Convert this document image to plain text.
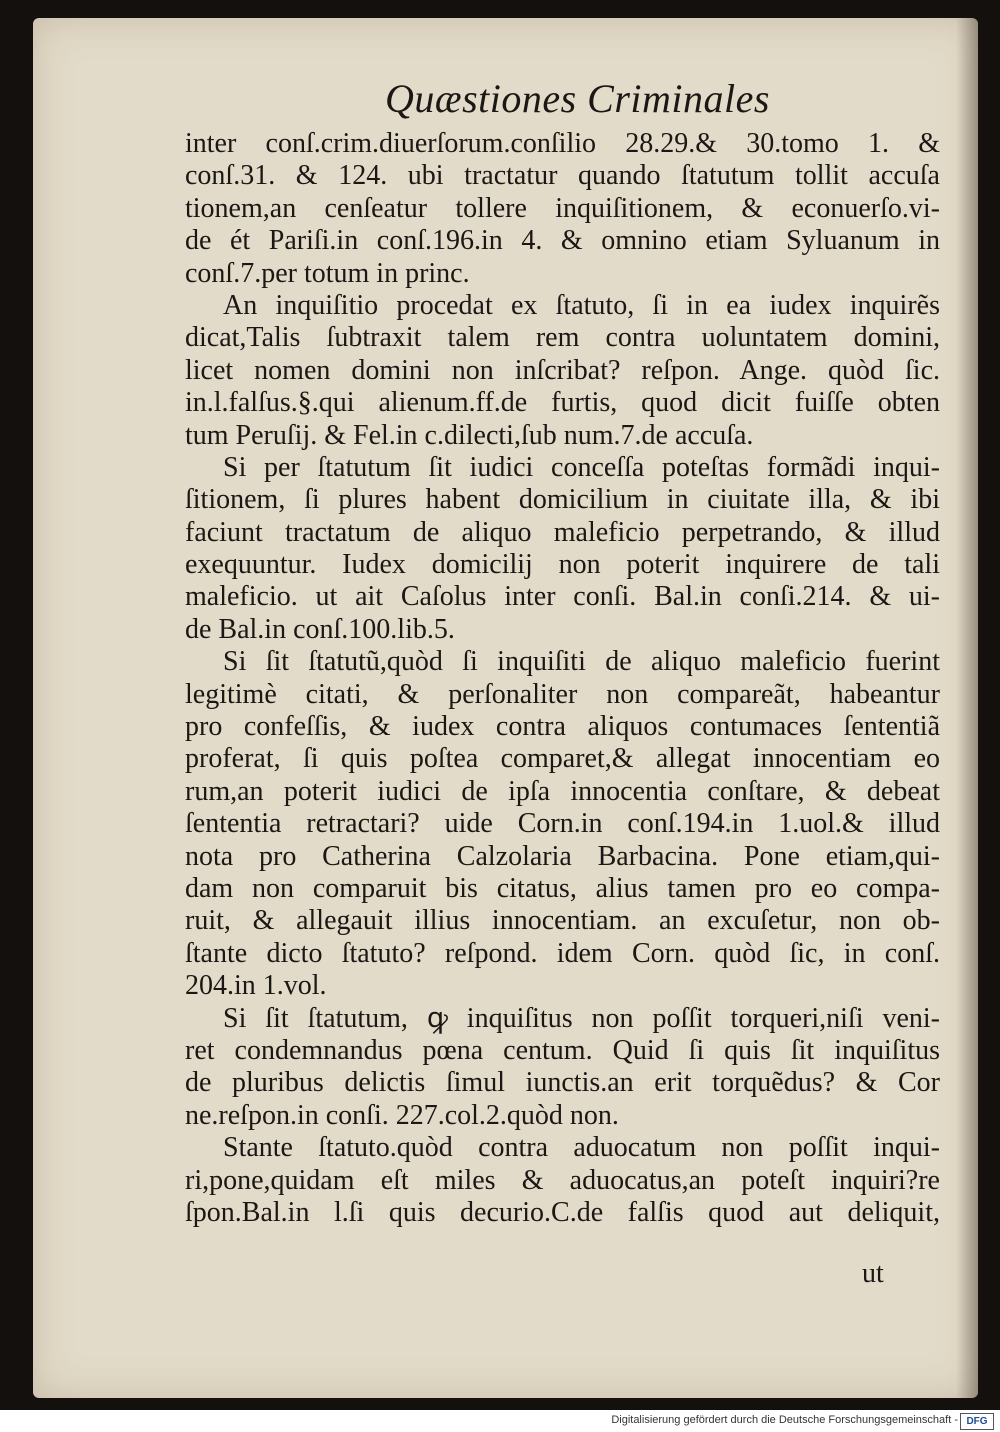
Quæstiones Criminales
inter conſ.crim.diuerſorum.conſilio 28.29.& 30.tomo 1. &
conſ.31. & 124. ubi tractatur quando ſtatutum tollit accuſa
tionem,an cenſeatur tollere inquiſitionem, & econuerſo.vi-
de ét Pariſi.in conſ.196.in 4. & omnino etiam Syluanum in
conſ.7.per totum in princ.
An inquiſitio procedat ex ſtatuto, ſi in ea iudex inquirẽs
dicat,Talis ſubtraxit talem rem contra uoluntatem domini,
licet nomen domini non inſcribat? reſpon. Ange. quòd ſic.
in.l.falſus.§.qui alienum.ff.de furtis, quod dicit fuiſſe obten
tum Peruſij. & Fel.in c.dilecti,ſub num.7.de accuſa.
Si per ſtatutum ſit iudici conceſſa poteſtas formãdi inqui-
ſitionem, ſi plures habent domicilium in ciuitate illa, & ibi
faciunt tractatum de aliquo maleficio perpetrando, & illud
exequuntur. Iudex domicilij non poterit inquirere de tali
maleficio. ut ait Caſolus inter conſi. Bal.in conſi.214. & ui-
de Bal.in conſ.100.lib.5.
Si ſit ſtatutũ,quòd ſi inquiſiti de aliquo maleficio fuerint
legitimè citati, & perſonaliter non compareãt, habeantur
pro confeſſis, & iudex contra aliquos contumaces ſententiã
proferat, ſi quis poſtea comparet,& allegat innocentiam eo
rum,an poterit iudici de ipſa innocentia conſtare, & debeat
ſententia retractari? uide Corn.in conſ.194.in 1.uol.& illud
nota pro Catherina Calzolaria Barbacina. Pone etiam,qui-
dam non comparuit bis citatus, alius tamen pro eo compa-
ruit, & allegauit illius innocentiam. an excuſetur, non ob-
ſtante dicto ſtatuto? reſpond. idem Corn. quòd ſic, in conſ.
204.in 1.vol.
Si ſit ſtatutum, ꝙ inquiſitus non poſſit torqueri,niſi veni-
ret condemnandus pœna centum. Quid ſi quis ſit inquiſitus
de pluribus delictis ſimul iunctis.an erit torquẽdus? & Cor
ne.reſpon.in conſi. 227.col.2.quòd non.
Stante ſtatuto.quòd contra aduocatum non poſſit inqui-
ri,pone,quidam eſt miles & aduocatus,an poteſt inquiri?re
ſpon.Bal.in l.ſi quis decurio.C.de falſis quod aut deliquit,
ut
Digitalisierung gefördert durch die Deutsche Forschungsgemeinschaft - DFG
